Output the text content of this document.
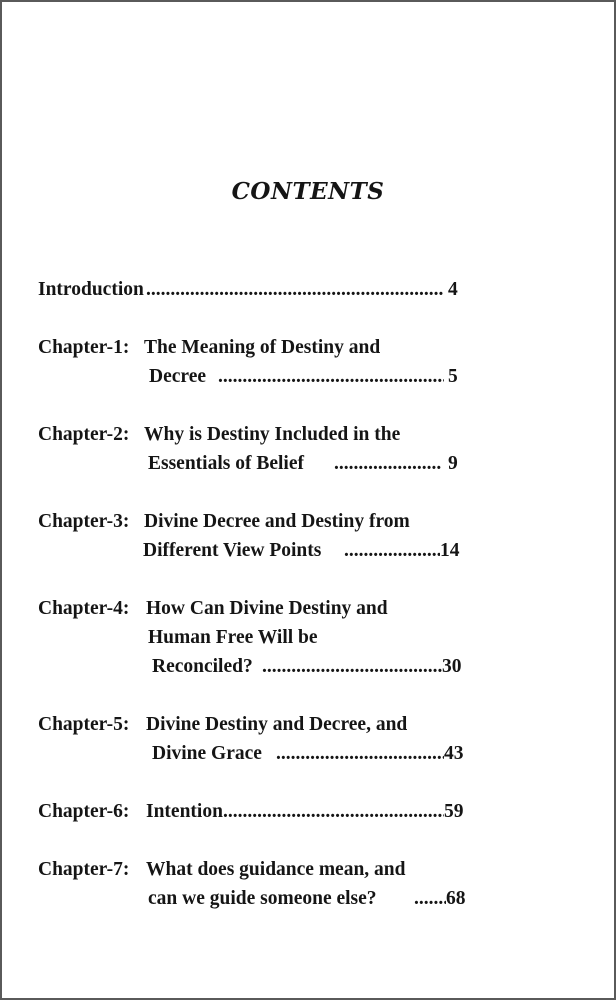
CONTENTS
Introduction .....	4
Chapter-1: The Meaning of Destiny and
Decree .....	5
Chapter-2: Why is Destiny Included in the
Essentials of Belief .....	9
Chapter-3: Divine Decree and Destiny from
Different View Points .....	14
Chapter-4: How Can Divine Destiny and
Human Free Will be
Reconciled? .....	30
Chapter-5: Divine Destiny and Decree, and
Divine Grace .....	43
Chapter-6: Intention .....	59
Chapter-7: What does guidance mean, and
can we guide someone else? .....	68
